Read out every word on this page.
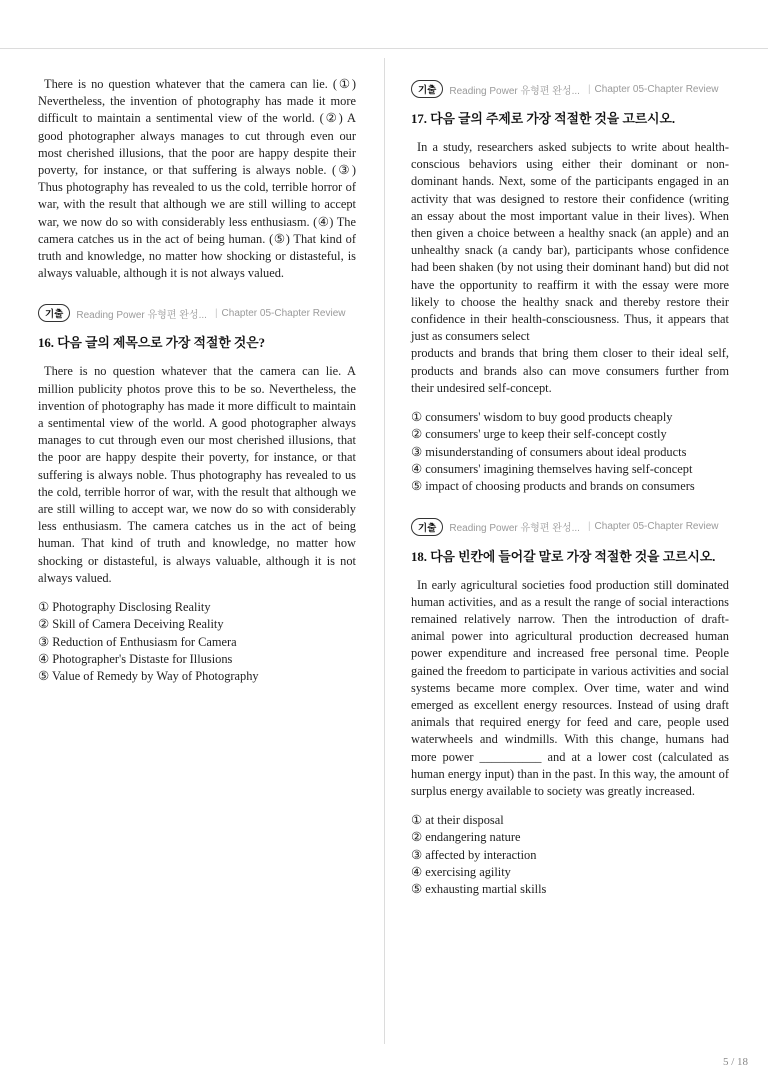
There is no question whatever that the camera can lie. (①) Nevertheless, the invention of photography has made it more difficult to maintain a sentimental view of the world. (②) A good photographer always manages to cut through even our most cherished illusions, that the poor are happy despite their poverty, for instance, or that suffering is always noble. (③) Thus photography has revealed to us the cold, terrible horror of war, with the result that although we are still willing to accept war, we now do so with considerably less enthusiasm. (④) The camera catches us in the act of being human. (⑤) That kind of truth and knowledge, no matter how shocking or distasteful, is always valuable, although it is not always valued.

기출	Reading Power 유형편 완성... | Chapter 05-Chapter Review
16. 다음 글의 제목으로 가장 적절한 것은?

There is no question whatever that the camera can lie. A million publicity photos prove this to be so. Nevertheless, the invention of photography has made it more difficult to maintain a sentimental view of the world. A good photographer always manages to cut through even our most cherished illusions, that the poor are happy despite their poverty, for instance, or that suffering is always noble. Thus photography has revealed to us the cold, terrible horror of war, with the result that although we are still willing to accept war, we now do so with considerably less enthusiasm. The camera catches us in the act of being human. That kind of truth and knowledge, no matter how shocking or distasteful, is always valuable, although it is not always valued.

① Photography Disclosing Reality
② Skill of Camera Deceiving Reality
③ Reduction of Enthusiasm for Camera
④ Photographer's Distaste for Illusions
⑤ Value of Remedy by Way of Photography
기출	Reading Power 유형편 완성... | Chapter 05-Chapter Review
17. 다음 글의 주제로 가장 적절한 것을 고르시오.

In a study, researchers asked subjects to write about health-conscious behaviors using either their dominant or non-dominant hands. Next, some of the participants engaged in an activity that was designed to restore their confidence (writing an essay about the most important value in their lives). When then given a choice between a healthy snack (an apple) and an unhealthy snack (a candy bar), participants whose confidence had been shaken (by not using their dominant hand) but did not have the opportunity to reaffirm it with the essay were more likely to choose the healthy snack and thereby restore their confidence in their health-consciousness. Thus, it appears that just as consumers select

products and brands that bring them closer to their ideal self, products and brands also can move consumers further from their undesired self-concept.

① consumers' wisdom to buy good products cheaply
② consumers' urge to keep their self-concept costly
③ misunderstanding of consumers about ideal products
④ consumers' imagining themselves having self-concept
⑤ impact of choosing products and brands on consumers
기출	Reading Power 유형편 완성... | Chapter 05-Chapter Review
18. 다음 빈칸에 들어갈 말로 가장 적절한 것을 고르시오.

In early agricultural societies food production still dominated human activities, and as a result the range of social interactions remained relatively narrow. Then the introduction of draft-animal power into agricultural production decreased human power expenditure and increased free personal time. People gained the freedom to participate in various activities and social systems became more complex. Over time, water and wind emerged as excellent energy resources. Instead of using draft animals that required energy for feed and care, people used waterwheels and windmills. With this change, humans had more power __________ and at a lower cost (calculated as human energy input) than in the past. In this way, the amount of surplus energy available to society was greatly increased.

① at their disposal
② endangering nature
③ affected by interaction
④ exercising agility
⑤ exhausting martial skills
5 / 18
